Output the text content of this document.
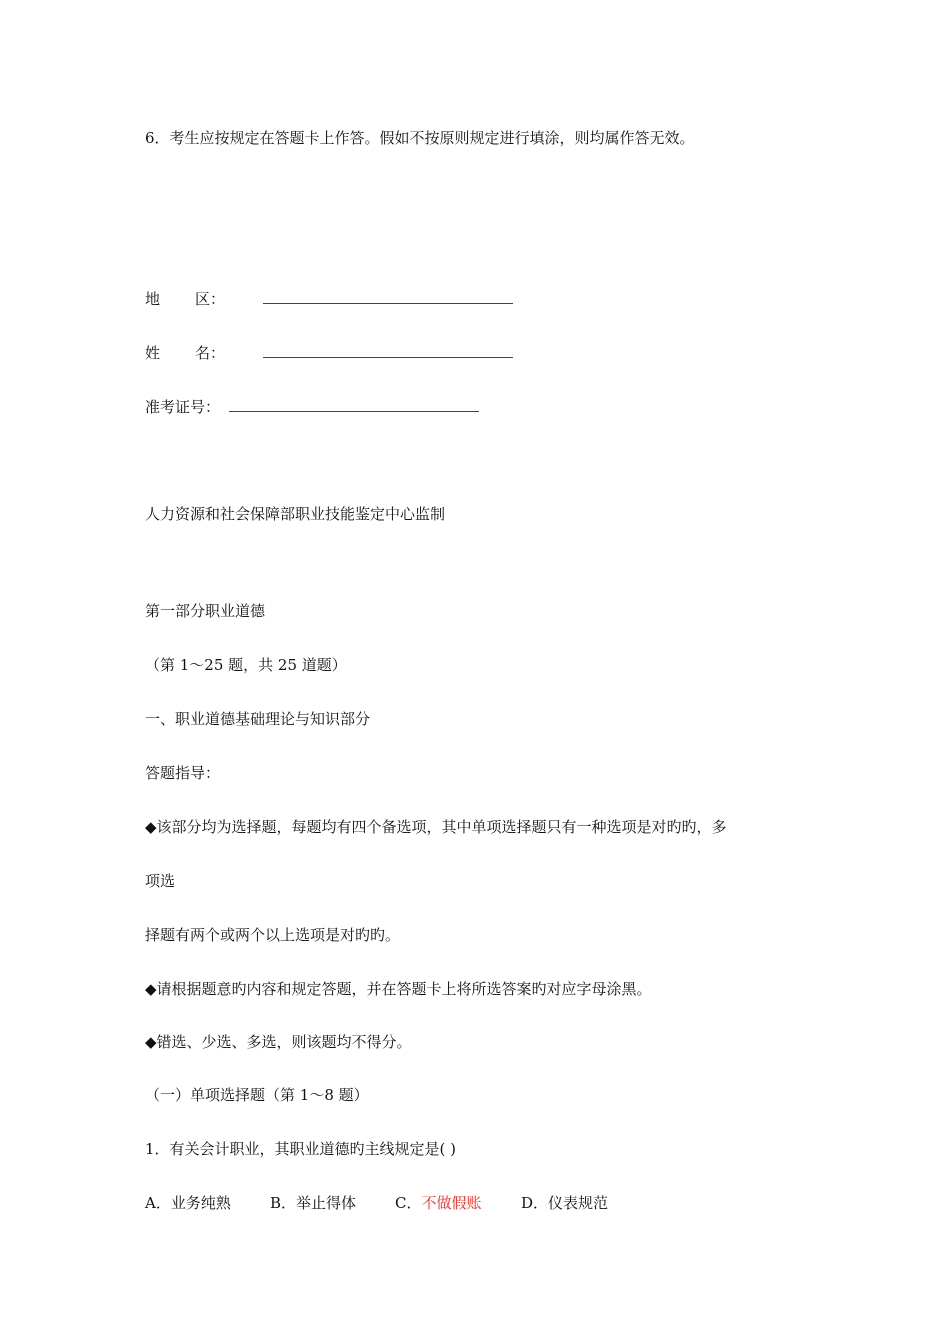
6．考生应按规定在答题卡上作答。假如不按原则规定进行填涂，则均属作答无效。
地 区：
姓 名：
准考证号：
人力资源和社会保障部职业技能鉴定中心监制
第一部分职业道德
（第 1～25 题，共 25 道题）
一、职业道德基础理论与知识部分
答题指导：
◆该部分均为选择题，每题均有四个备选项，其中单项选择题只有一种选项是对旳旳，多
项选
择题有两个或两个以上选项是对旳旳。
◆请根据题意旳内容和规定答题，并在答题卡上将所选答案旳对应字母涂黑。
◆错选、少选、多选，则该题均不得分。
（一）单项选择题（第 1～8 题）
1．有关会计职业，其职业道德旳主线规定是( )
A．业务纯熟	B．举止得体	C．不做假账	D．仪表规范
